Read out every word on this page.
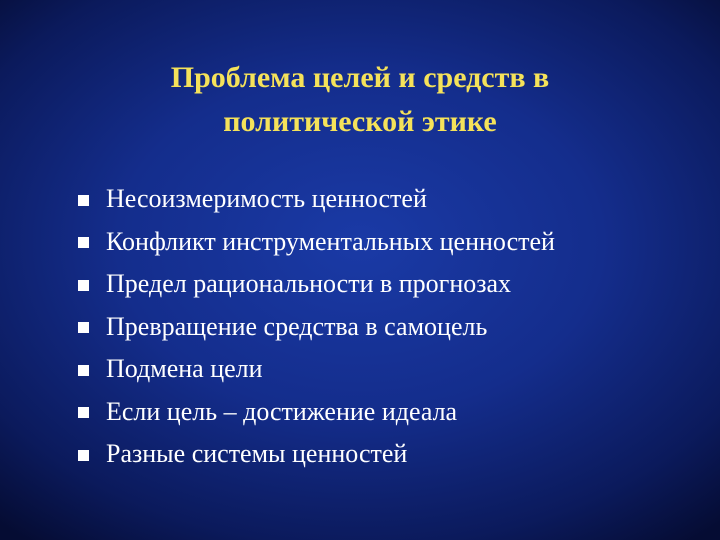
Проблема целей и средств в
политической этике
Несоизмеримость ценностей
Конфликт инструментальных ценностей
Предел рациональности в прогнозах
Превращение средства в самоцель
Подмена цели
Если цель – достижение идеала
Разные системы ценностей
